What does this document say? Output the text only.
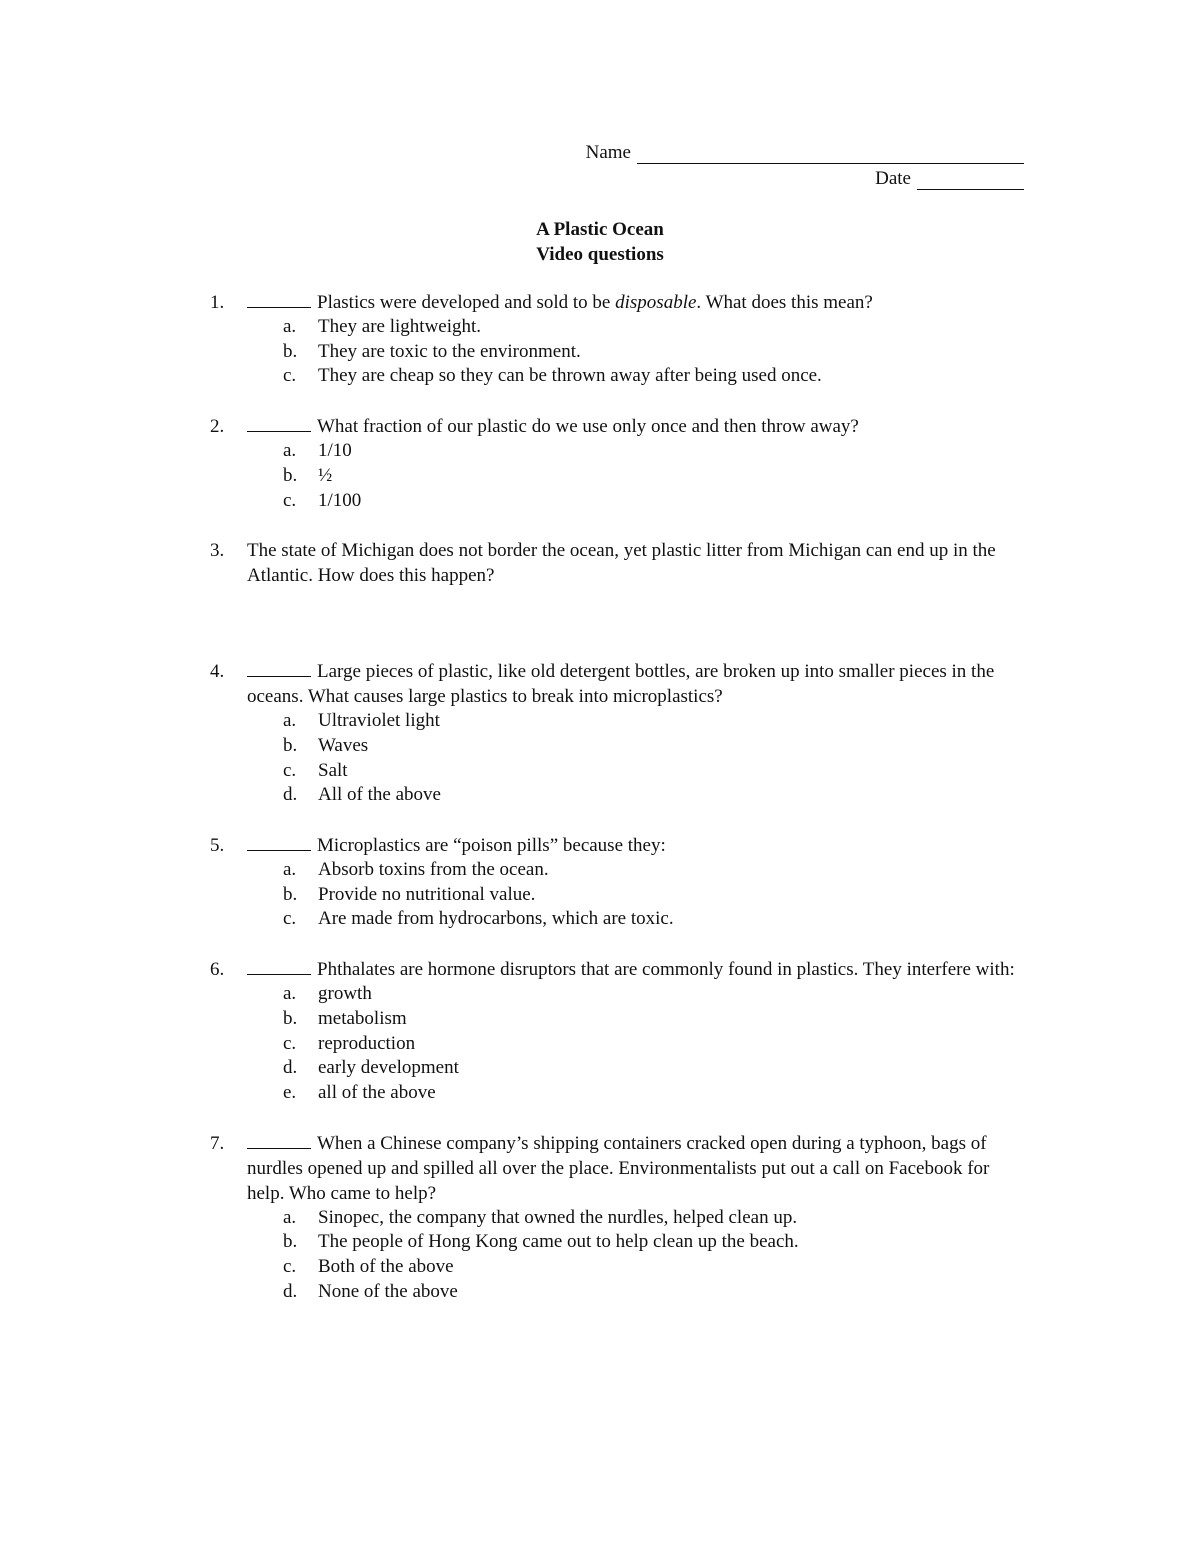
Name
Date
A Plastic Ocean
Video questions
1.	Plastics were developed and sold to be disposable. What does this mean?
a. They are lightweight.
b. They are toxic to the environment.
c. They are cheap so they can be thrown away after being used once.
2.	What fraction of our plastic do we use only once and then throw away?
a. 1/10
b. ½
c. 1/100
3. The state of Michigan does not border the ocean, yet plastic litter from Michigan can end up in the Atlantic. How does this happen?
4.	Large pieces of plastic, like old detergent bottles, are broken up into smaller pieces in the oceans. What causes large plastics to break into microplastics?
a. Ultraviolet light
b. Waves
c. Salt
d. All of the above
5.	Microplastics are “poison pills” because they:
a. Absorb toxins from the ocean.
b. Provide no nutritional value.
c. Are made from hydrocarbons, which are toxic.
6.	Phthalates are hormone disruptors that are commonly found in plastics. They interfere with:
a. growth
b. metabolism
c. reproduction
d. early development
e. all of the above
7.	When a Chinese company’s shipping containers cracked open during a typhoon, bags of nurdles opened up and spilled all over the place. Environmentalists put out a call on Facebook for help. Who came to help?
a. Sinopec, the company that owned the nurdles, helped clean up.
b. The people of Hong Kong came out to help clean up the beach.
c. Both of the above
d. None of the above
